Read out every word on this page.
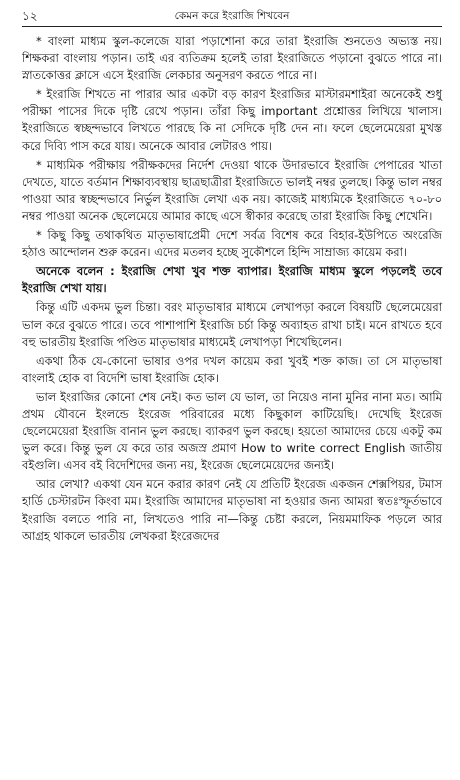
১২	কেমন করে ইংরাজি শিখবেন

* বাংলা মাধ্যম স্কুল-কলেজে যারা পড়াশোনা করে তারা ইংরাজি শুনতেও অভ্যস্ত নয়। শিক্ষকরা বাংলায় পড়ান। তাই এর ব্যতিক্রম হলেই তারা ইংরাজিতে পড়ানো বুঝতে পারে না। স্নাতকোত্তর ক্লাসে এসে ইংরাজি লেকচার অনুসরণ করতে পারে না।

* ইংরাজি শিখতে না পারার আর একটা বড় কারণ ইংরাজির মাস্টারমশাইরা অনেকেই শুধু পরীক্ষা পাসের দিকে দৃষ্টি রেখে পড়ান। তাঁরা কিছু important প্রশ্নোত্তর লিখিয়ে খালাস। ইংরাজিতে স্বচ্ছন্দভাবে লিখতে পারছে কি না সেদিকে দৃষ্টি দেন না। ফলে ছেলেমেয়েরা মুখস্ত করে দিব্যি পাস করে যায়। অনেকে আবার লেটারও পায়।

* মাধ্যমিক পরীক্ষায় পরীক্ষকদের নির্দেশ দেওয়া থাকে উদারভাবে ইংরাজি পেপারের খাতা দেখতে, যাতে বর্তমান শিক্ষাব্যবস্থায় ছাত্রছাত্রীরা ইংরাজিতে ভালই নম্বর তুলছে। কিন্তু ভাল নম্বর পাওয়া আর স্বচ্ছন্দভাবে নির্ভুল ইংরাজি লেখা এক নয়। কাজেই মাধ্যমিকে ইংরাজিতে ৭০-৮০ নম্বর পাওয়া অনেক ছেলেমেয়ে আমার কাছে এসে স্বীকার করেছে তারা ইংরাজি কিছু শেখেনি।

* কিছু কিছু তথাকথিত মাতৃভাষাপ্রেমী দেশে সর্বত্র বিশেষ করে বিহার-ইউপিতে অংরেজি হঠাও আন্দোলন শুরু করেন। এদের মতলব হচ্ছে সুকৌশলে হিন্দি সাম্রাজ্য কায়েম করা।

অনেকে বলেন : ইংরাজি শেখা খুব শক্ত ব্যাপার। ইংরাজি মাধ্যম স্কুলে পড়লেই তবে ইংরাজি শেখা যায়।

কিন্তু এটি একদম ভুল চিন্তা। বরং মাতৃভাষার মাধ্যমে লেখাপড়া করলে বিষয়টি ছেলেমেয়েরা ভাল করে বুঝতে পারে। তবে পাশাপাশি ইংরাজি চর্চা কিন্তু অব্যাহত রাখা চাই। মনে রাখতে হবে বহু ভারতীয় ইংরাজি পণ্ডিত মাতৃভাষার মাধ্যমেই লেখাপড়া শিখেছিলেন।

একথা ঠিক যে-কোনো ভাষার ওপর দখল কায়েম করা খুবই শক্ত কাজ। তা সে মাতৃভাষা বাংলাই হোক বা বিদেশি ভাষা ইংরাজি হোক।

ভাল ইংরাজির কোনো শেষ নেই। কত ভাল যে ভাল, তা নিয়েও নানা মুনির নানা মত। আমি প্রথম যৌবনে ইংলন্ডে ইংরেজ পরিবারের মধ্যে কিছুকাল কাটিয়েছি। দেখেছি ইংরেজ ছেলেমেয়েরা ইংরাজি বানান ভুল করছে। ব্যাকরণ ভুল করছে। হয়তো আমাদের চেয়ে একটু কম ভুল করে। কিন্তু ভুল যে করে তার অজস্র প্রমাণ How to write correct English জাতীয় বইগুলি। এসব বই বিদেশিদের জন্য নয়, ইংরেজ ছেলেমেয়েদের জন্যই।

আর লেখা? একথা যেন মনে করার কারণ নেই যে প্রতিটি ইংরেজ একজন শেক্সপিয়র, টমাস হার্ডি চেস্টারটন কিংবা মম। ইংরাজি আমাদের মাতৃভাষা না হওয়ার জন্য আমরা স্বতঃস্ফূর্তভাবে ইংরাজি বলতে পারি না, লিখতেও পারি না—কিন্তু চেষ্টা করলে, নিয়মমাফিক পড়লে আর আগ্রহ থাকলে ভারতীয় লেখকরা ইংরেজদের
